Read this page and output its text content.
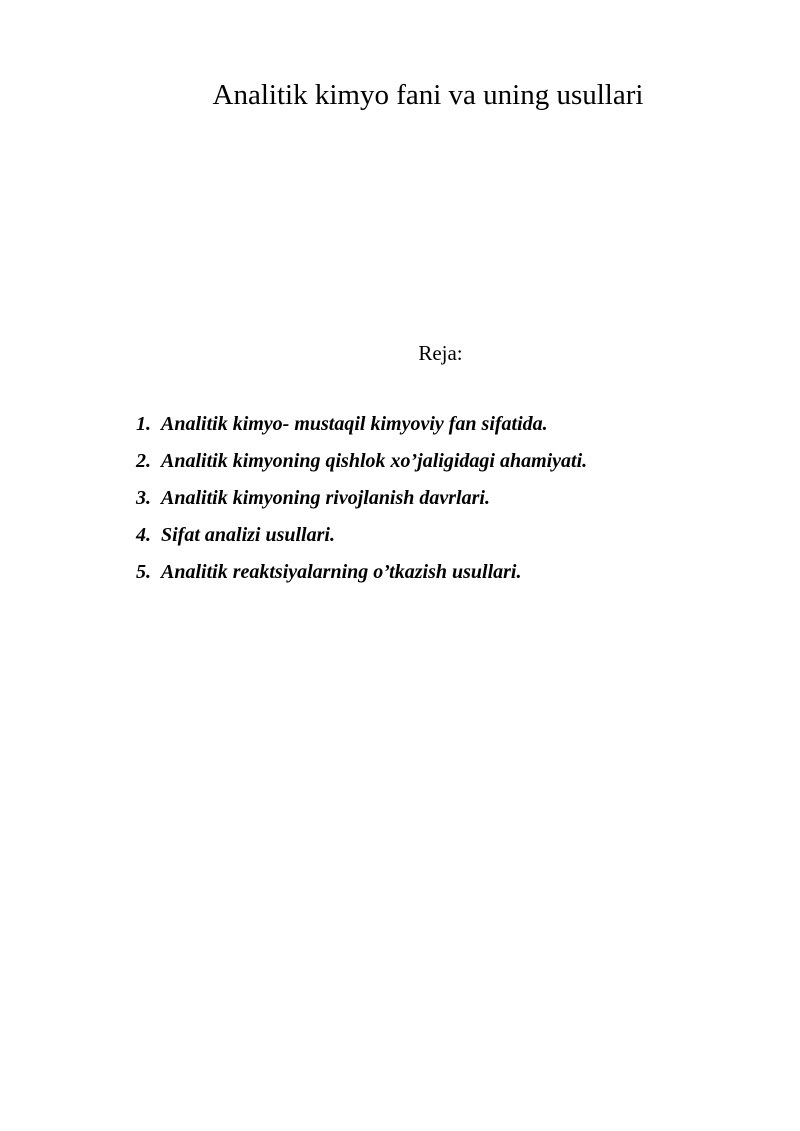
Analitik kimyo fani va uning usullari

Reja:

1. Analitik kimyo- mustaqil kimyoviy fan sifatida.
2. Analitik kimyoning qishlok xo’jaligidagi ahamiyati.
3. Analitik kimyoning rivojlanish davrlari.
4. Sifat analizi usullari.
5. Analitik reaktsiyalarning o’tkazish usullari.
